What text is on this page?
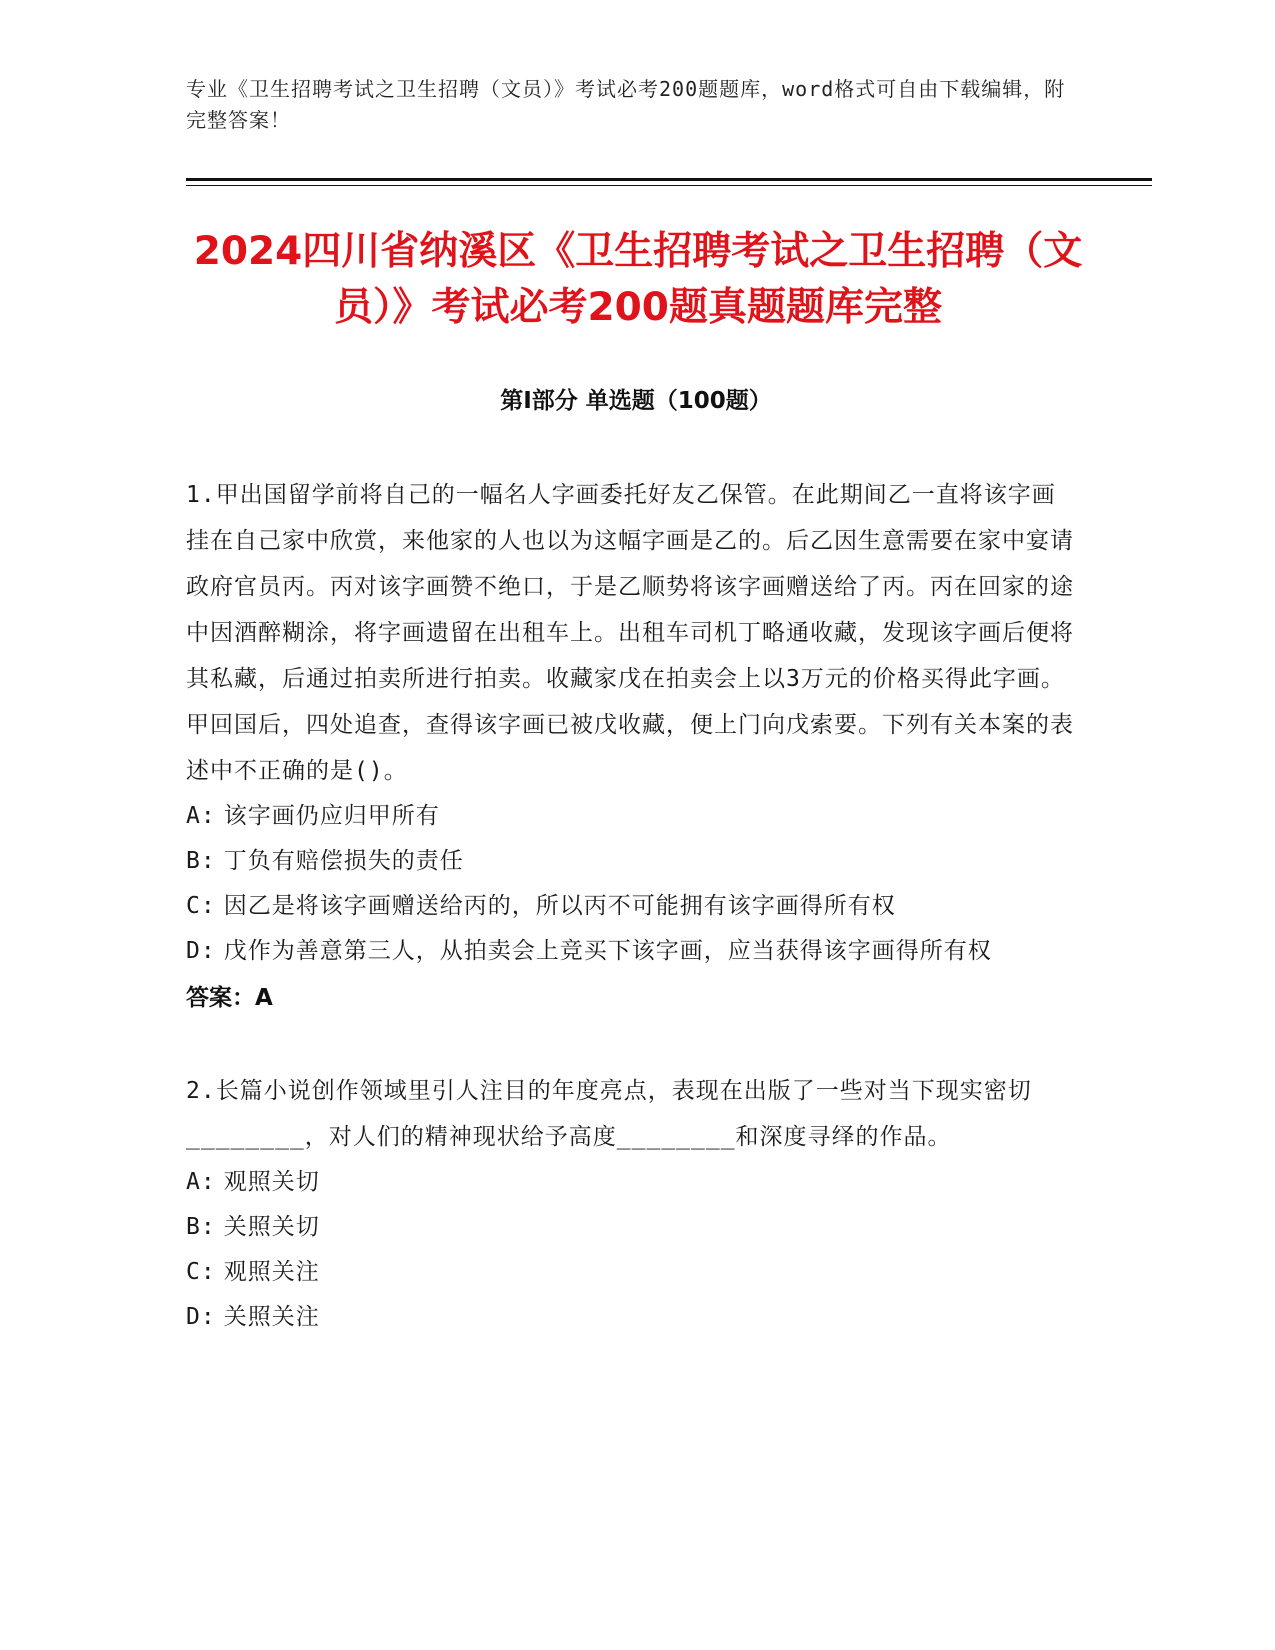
专业《卫生招聘考试之卫生招聘（文员）》考试必考200题题库，word格式可自由下载编辑，附完整答案！
2024四川省纳溪区《卫生招聘考试之卫生招聘（文员）》考试必考200题真题题库完整
第Ⅰ部分 单选题（100题）

1.甲出国留学前将自己的一幅名人字画委托好友乙保管。在此期间乙一直将该字画挂在自己家中欣赏，来他家的人也以为这幅字画是乙的。后乙因生意需要在家中宴请政府官员丙。丙对该字画赞不绝口，于是乙顺势将该字画赠送给了丙。丙在回家的途中因酒醉糊涂，将字画遗留在出租车上。出租车司机丁略通收藏，发现该字画后便将其私藏，后通过拍卖所进行拍卖。收藏家戊在拍卖会上以3万元的价格买得此字画。甲回国后，四处追查，查得该字画已被戊收藏，便上门向戊索要。下列有关本案的表述中不正确的是()。

A: 该字画仍应归甲所有

B: 丁负有赔偿损失的责任

C: 因乙是将该字画赠送给丙的，所以丙不可能拥有该字画得所有权

D: 戊作为善意第三人，从拍卖会上竞买下该字画，应当获得该字画得所有权

答案：A

2.长篇小说创作领域里引人注目的年度亮点，表现在出版了一些对当下现实密切________，对人们的精神现状给予高度________和深度寻绎的作品。

A: 观照关切

B: 关照关切

C: 观照关注

D: 关照关注
